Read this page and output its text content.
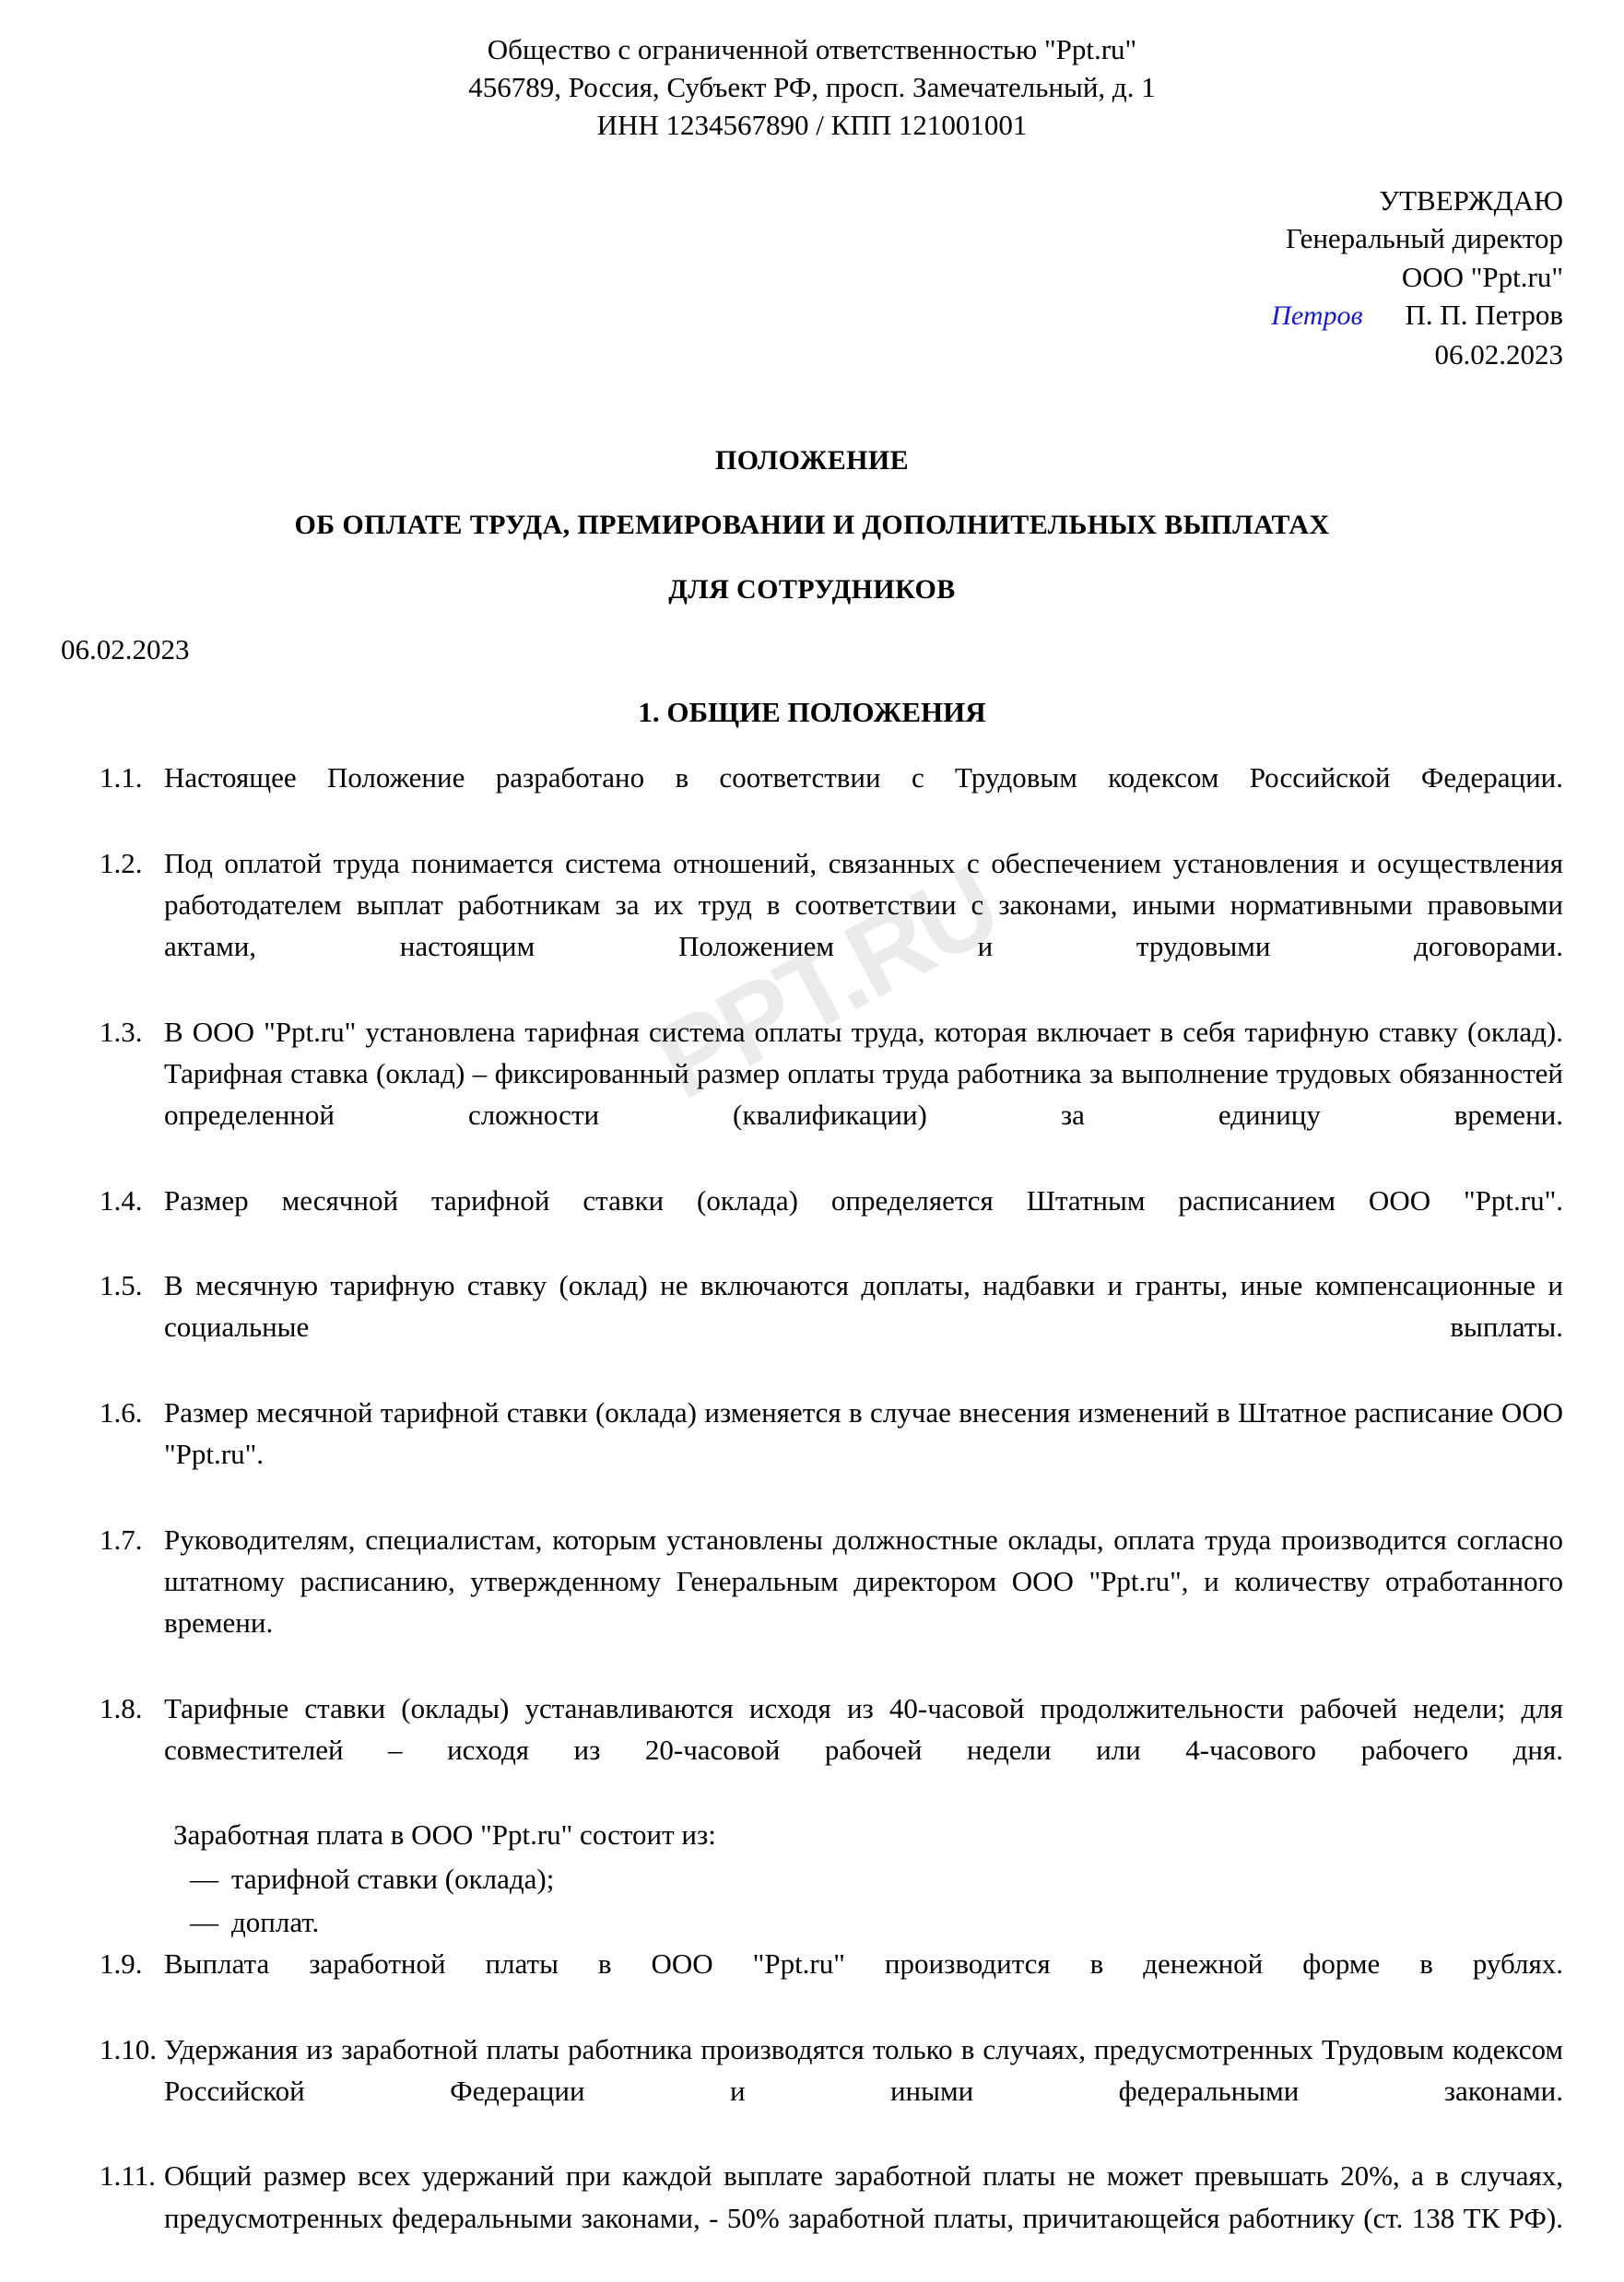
PPT.RU
Общество с ограниченной ответственностью "Ppt.ru"
456789, Россия, Субъект РФ, просп. Замечательный, д. 1
ИНН 1234567890 / КПП 121001001
УТВЕРЖДАЮ
Генеральный директор
ООО "Ppt.ru"
Петров П. П. Петров
06.02.2023
ПОЛОЖЕНИЕ
ОБ ОПЛАТЕ ТРУДА, ПРЕМИРОВАНИИ И ДОПОЛНИТЕЛЬНЫХ ВЫПЛАТАХ
ДЛЯ СОТРУДНИКОВ
06.02.2023
1. ОБЩИЕ ПОЛОЖЕНИЯ
1.1. Настоящее Положение разработано в соответствии с Трудовым кодексом Российской Федерации.
1.2. Под оплатой труда понимается система отношений, связанных с обеспечением установления и осуществления работодателем выплат работникам за их труд в соответствии с законами, иными нормативными правовыми актами, настоящим Положением и трудовыми договорами.
1.3. В ООО "Ppt.ru" установлена тарифная система оплаты труда, которая включает в себя тарифную ставку (оклад). Тарифная ставка (оклад) – фиксированный размер оплаты труда работника за выполнение трудовых обязанностей определенной сложности (квалификации) за единицу времени.
1.4. Размер месячной тарифной ставки (оклада) определяется Штатным расписанием ООО "Ppt.ru".
1.5. В месячную тарифную ставку (оклад) не включаются доплаты, надбавки и гранты, иные компенсационные и социальные выплаты.
1.6. Размер месячной тарифной ставки (оклада) изменяется в случае внесения изменений в Штатное расписание ООО "Ppt.ru".
1.7. Руководителям, специалистам, которым установлены должностные оклады, оплата труда производится согласно штатному расписанию, утвержденному Генеральным директором ООО "Ppt.ru", и количеству отработанного времени.
1.8. Тарифные ставки (оклады) устанавливаются исходя из 40-часовой продолжительности рабочей недели; для совместителей – исходя из 20-часовой рабочей недели или 4-часового рабочего дня.
Заработная плата в ООО "Ppt.ru" состоит из:
— тарифной ставки (оклада);
— доплат.
1.9. Выплата заработной платы в ООО "Ppt.ru" производится в денежной форме в рублях.
1.10. Удержания из заработной платы работника производятся только в случаях, предусмотренных Трудовым кодексом Российской Федерации и иными федеральными законами.
1.11. Общий размер всех удержаний при каждой выплате заработной платы не может превышать 20%, а в случаях, предусмотренных федеральными законами, - 50% заработной платы, причитающейся работнику (ст. 138 ТК РФ).
